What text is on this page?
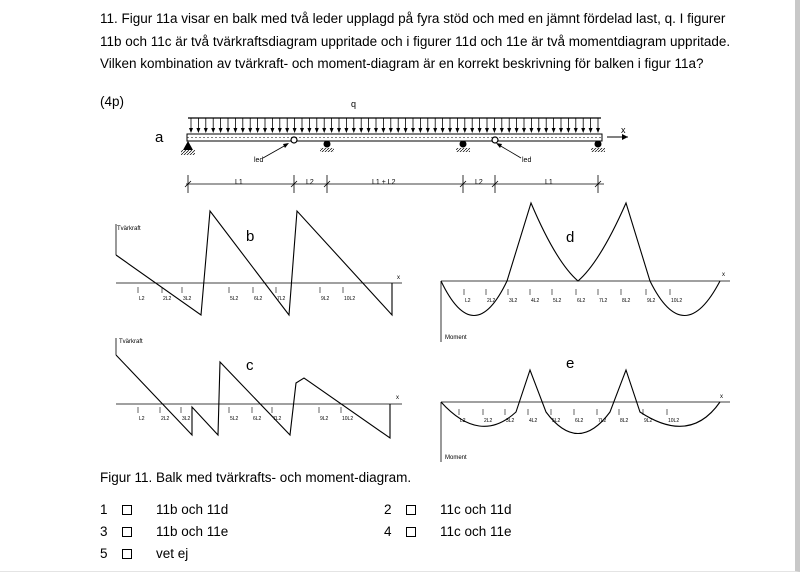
11. Figur 11a visar en balk med två leder upplagd på fyra stöd och med en jämnt fördelad last, q. I figurer 11b och 11c är två tvärkraftsdiagram uppritade och i figurer 11d och 11e är två momentdiagram uppritade. Vilken kombination av tvärkraft- och moment-diagram är en korrekt beskrivning för balken i figur 11a?
(4p)
a
q
x
led	led
L1	L2	L1 + L2	L2	L1
b
Tvärkraft
x
L2	2L2 3L2	5L2	6L2	7L2	9L2	10L2
c
Tvärkraft
x
L2	2L2	3L2	5L2	6L2 7L2	9L2	10L2
d
Moment
x
L2	2L2	3L2	4L2	5L2	6L2	7L2	8L2	9L2	10L2
e
Moment
x
L2	2L2	3L2	4L2	5L2	6L2	7L2	8L2	9L2	10L2
Figur 11. Balk med tvärkrafts- och moment-diagram.
1	11b och 11d	2	11c och 11d
3	11b och 11e	4	11c och 11e
5	vet ej
